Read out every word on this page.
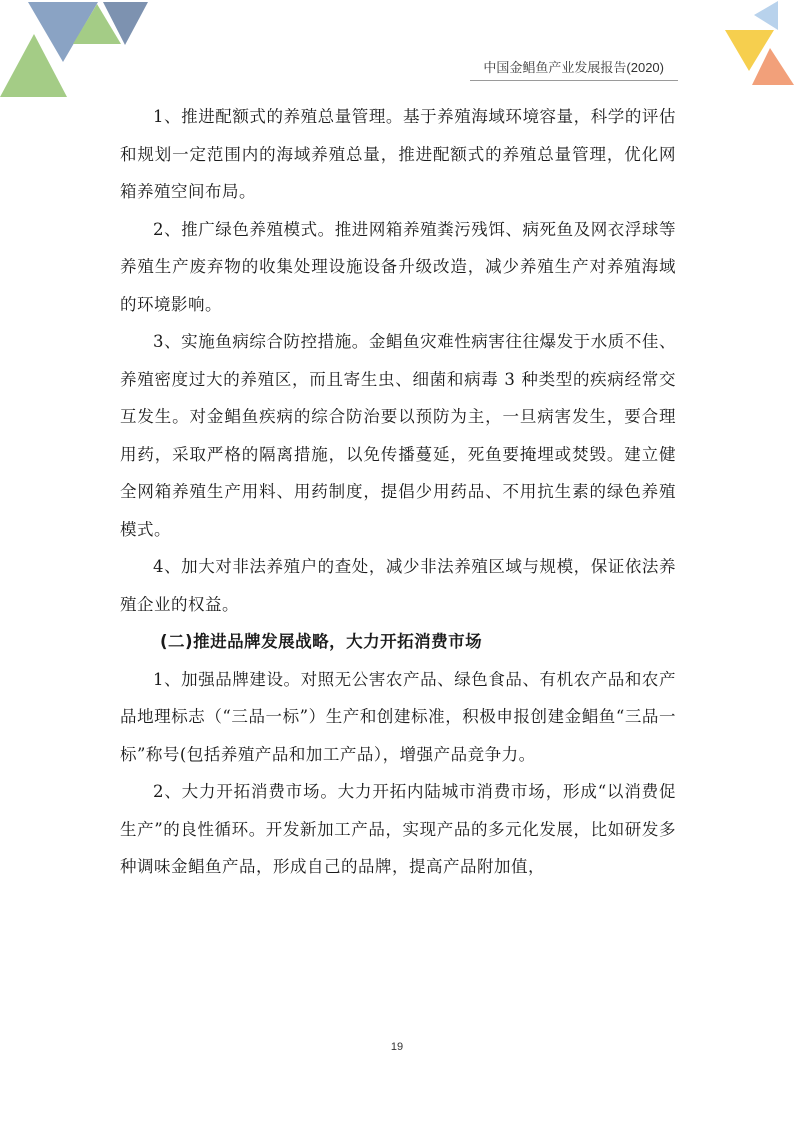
中国金鲳鱼产业发展报告(2020)

1、推进配额式的养殖总量管理。基于养殖海域环境容量，科学的评估和规划一定范围内的海域养殖总量，推进配额式的养殖总量管理，优化网箱养殖空间布局。

2、推广绿色养殖模式。推进网箱养殖粪污残饵、病死鱼及网衣浮球等养殖生产废弃物的收集处理设施设备升级改造，减少养殖生产对养殖海域的环境影响。

3、实施鱼病综合防控措施。金鲳鱼灾难性病害往往爆发于水质不佳、养殖密度过大的养殖区，而且寄生虫、细菌和病毒 3 种类型的疾病经常交互发生。对金鲳鱼疾病的综合防治要以预防为主，一旦病害发生，要合理用药，采取严格的隔离措施，以免传播蔓延，死鱼要掩埋或焚毁。建立健全网箱养殖生产用料、用药制度，提倡少用药品、不用抗生素的绿色养殖模式。

4、加大对非法养殖户的查处，减少非法养殖区域与规模，保证依法养殖企业的权益。

(二)推进品牌发展战略，大力开拓消费市场

1、加强品牌建设。对照无公害农产品、绿色食品、有机农产品和农产品地理标志（“三品一标”）生产和创建标准，积极申报创建金鲳鱼“三品一标”称号(包括养殖产品和加工产品），增强产品竞争力。

2、大力开拓消费市场。大力开拓内陆城市消费市场，形成“以消费促生产”的良性循环。开发新加工产品，实现产品的多元化发展，比如研发多种调味金鲳鱼产品，形成自己的品牌，提高产品附加值，

19
